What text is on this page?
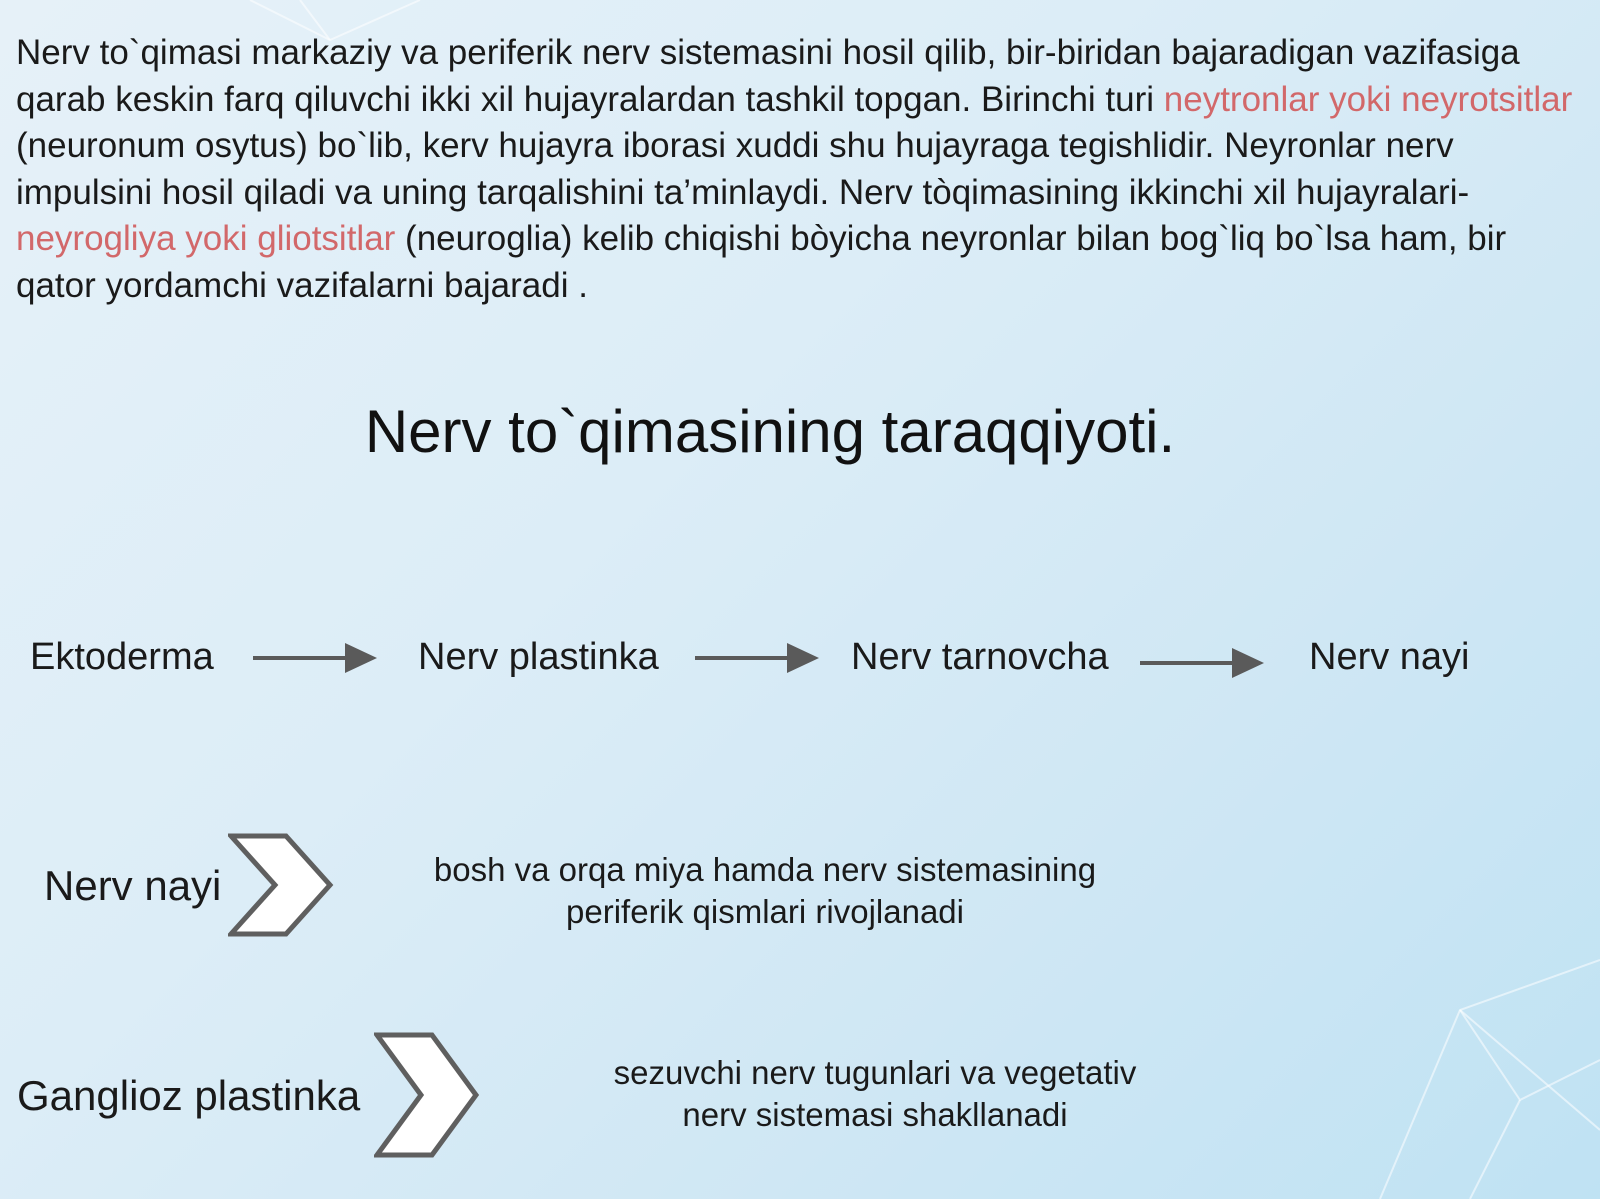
Nerv to`qimasi markaziy va periferik nerv sistemasini hosil qilib, bir-biridan bajaradigan vazifasiga qarab keskin farq qiluvchi ikki xil hujayralardan tashkil topgan. Birinchi turi neytronlar yoki neyrotsitlar (neuronum osytus) bo`lib, kerv hujayra iborasi xuddi shu hujayraga tegishlidir. Neyronlar nerv impulsini hosil qiladi va uning tarqalishini ta’minlaydi. Nerv tòqimasining ikkinchi xil hujayralari- neyrogliya yoki gliotsitlar (neuroglia) kelib chiqishi bòyicha neyronlar bilan bog`liq bo`lsa ham, bir qator yordamchi vazifalarni bajaradi .

Nerv to`qimasining taraqqiyoti.
Ektoderma	Nerv plastinka	Nerv tarnovcha	Nerv nayi
Nerv nayi	bosh va orqa miya hamda nerv sistemasining
periferik qismlari rivojlanadi
Ganglioz plastinka	sezuvchi nerv tugunlari va vegetativ
nerv sistemasi shakllanadi
